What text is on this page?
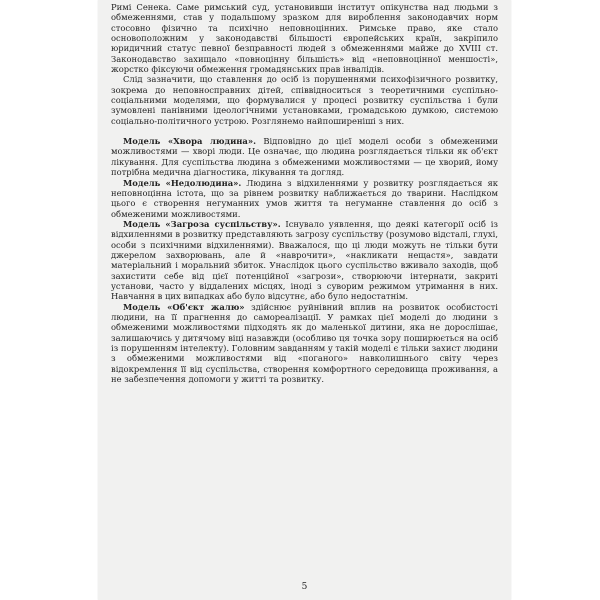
Римі Сенека. Саме римський суд, установивши інститут опікунства над людьми з обмеженнями, став у подальшому зразком для вироблення законодавчих норм стосовно фізично та психічно неповноцінних. Римське право, яке стало основоположним у законодавстві більшості європейських країн, закріпило юридичний статус певної безправності людей з обмеженнями майже до XVIII ст. Законодавство захищало «повноцінну більшість» від «неповноцінної меншості», жорстко фіксуючи обмеження громадянських прав інвалідів.

Слід зазначити, що ставлення до осіб із порушеннями психофізичного розвитку, зокрема до неповносправних дітей, співвідноситься з теоретичними суспільно-соціальними моделями, що формувалися у процесі розвитку суспільства і були зумовлені панівними ідеологічними установками, громадською думкою, системою соціально-політичного устрою. Розглянемо найпоширеніші з них.

Модель «Хвора людина». Відповідно до цієї моделі особи з обмеженими можливостями — хворі люди. Це означає, що людина розглядається тільки як об'єкт лікування. Для суспільства людина з обмеженими можливостями — це хворий, йому потрібна медична діагностика, лікування та догляд.

Модель «Недолюдина». Людина з відхиленнями у розвитку розглядається як неповноцінна істота, що за рівнем розвитку наближається до тварини. Наслідком цього є створення негуманних умов життя та негуманне ставлення до осіб з обмеженими можливостями.

Модель «Загроза суспільству». Існувало уявлення, що деякі категорії осіб із відхиленнями в розвитку представляють загрозу суспільству (розумово відсталі, глухі, особи з психічними відхиленнями). Вважалося, що ці люди можуть не тільки бути джерелом захворювань, але й «наврочити», «накликати нещастя», завдати матеріальний і моральний збиток. Унаслідок цього суспільство вживало заходів, щоб захистити себе від цієї потенційної «загрози», створюючи інтернати, закриті установи, часто у віддалених місцях, іноді з суворим режимом утримання в них. Навчання в цих випадках або було відсутнє, або було недостатнім.

Модель «Об'єкт жалю» здійснює руйнівний вплив на розвиток особистості людини, на її прагнення до самореалізації. У рамках цієї моделі до людини з обмеженими можливостями підходять як до маленької дитини, яка не дорослішає, залишаючись у дитячому віці назавжди (особливо ця точка зору поширюється на осіб із порушенням інтелекту). Головним завданням у такій моделі є тільки захист людини з обмеженими можливостями від «поганого» навколишнього світу через відокремлення її від суспільства, створення комфортного середовища проживання, а не забезпечення допомоги у житті та розвитку.

5
